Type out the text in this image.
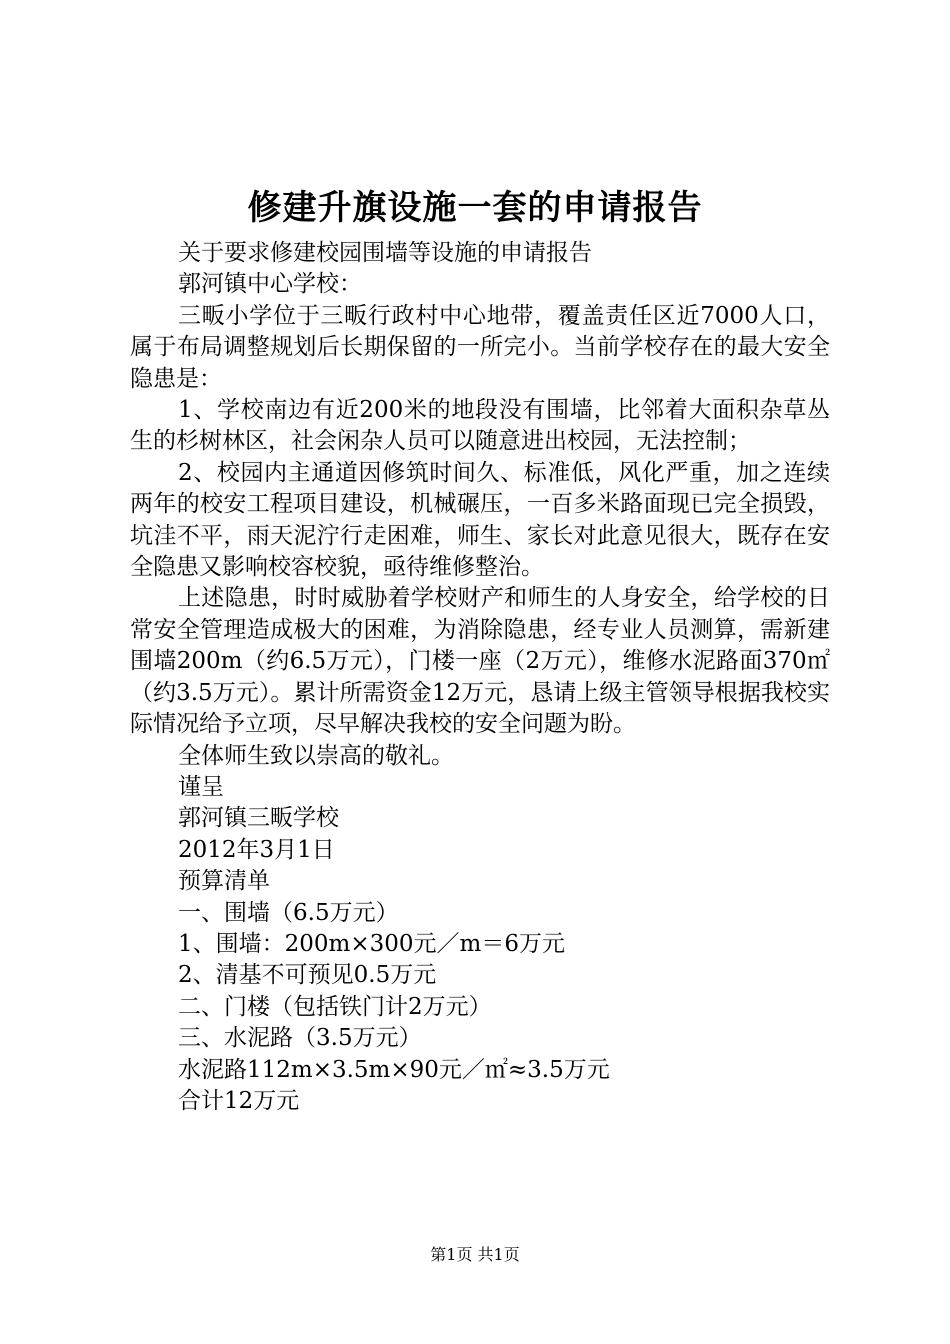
修建升旗设施一套的申请报告

关于要求修建校园围墙等设施的申请报告

郭河镇中心学校：

三畈小学位于三畈行政村中心地带，覆盖责任区近7000人口，属于布局调整规划后长期保留的一所完小。当前学校存在的最大安全隐患是：

1、学校南边有近200米的地段没有围墙，比邻着大面积杂草丛生的杉树林区，社会闲杂人员可以随意进出校园，无法控制；

2、校园内主通道因修筑时间久、标准低，风化严重，加之连续两年的校安工程项目建设，机械碾压，一百多米路面现已完全损毁，坑洼不平，雨天泥泞行走困难，师生、家长对此意见很大，既存在安全隐患又影响校容校貌，亟待维修整治。

上述隐患，时时威胁着学校财产和师生的人身安全，给学校的日常安全管理造成极大的困难，为消除隐患，经专业人员测算，需新建围墙200m（约6.5万元），门楼一座（2万元），维修水泥路面370㎡（约3.5万元）。累计所需资金12万元，恳请上级主管领导根据我校实际情况给予立项，尽早解决我校的安全问题为盼。

全体师生致以崇高的敬礼。

谨呈

郭河镇三畈学校

2012年3月1日

预算清单

一、围墙（6.5万元）

1、围墙：200m×300元／m＝6万元

2、清基不可预见0.5万元

二、门楼（包括铁门计2万元）

三、水泥路（3.5万元）

水泥路112m×3.5m×90元／㎡≈3.5万元

合计12万元

第1页 共1页
